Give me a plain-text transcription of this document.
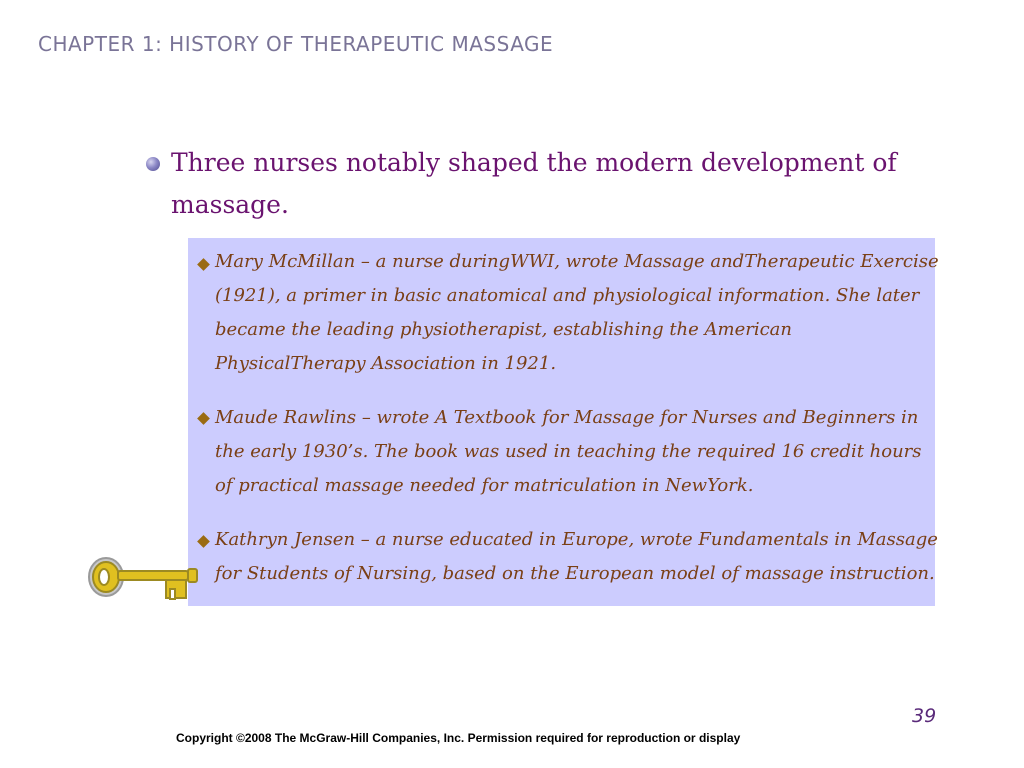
CHAPTER 1: HISTORY OF THERAPEUTIC MASSAGE
Three nurses notably shaped the modern development of massage.
Mary McMillan – a nurse duringWWI, wrote Massage andTherapeutic Exercise (1921), a primer in basic anatomical and physiological information. She later became the leading physiotherapist, establishing the American PhysicalTherapy Association in 1921.
Maude Rawlins – wrote A Textbook for Massage for Nurses and Beginners in the early 1930’s. The book was used in teaching the required 16 credit hours of practical massage needed for matriculation in NewYork.
Kathryn Jensen – a nurse educated in Europe, wrote Fundamentals in Massage for Students of Nursing, based on the European model of massage instruction.
39
Copyright ©2008 The McGraw-Hill Companies, Inc. Permission required for reproduction or display
